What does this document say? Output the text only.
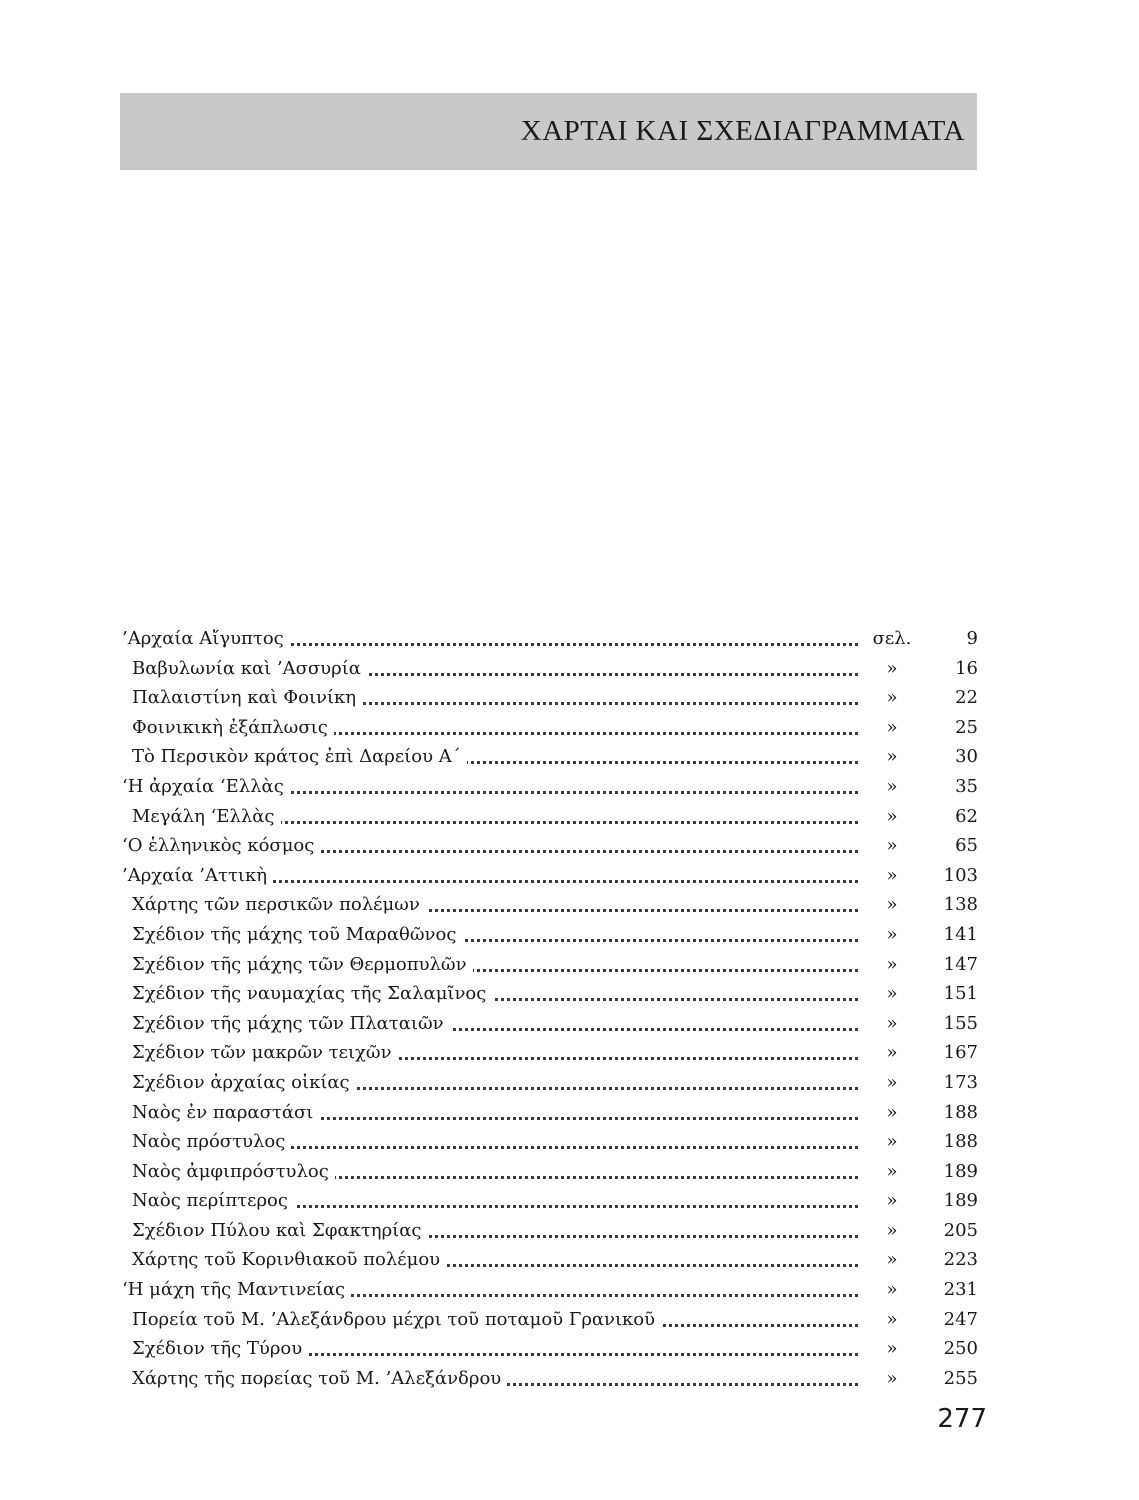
ΧΑΡΤΑΙ ΚΑΙ ΣΧΕΔΙΑΓΡΑΜΜΑΤΑ
’Αρχαία Αἴγυπτος	σελ.	9
Βαβυλωνία καὶ ’Ασσυρία	»	16
Παλαιστίνη καὶ Φοινίκη	»	22
Φοινικικὴ ἐξάπλωσις	»	25
Τὸ Περσικὸν κράτος ἐπὶ Δαρείου Α΄	»	30
‘Η ἀρχαία ‘Ελλὰς	»	35
Μεγάλη ‘Ελλὰς	»	62
‘Ο ἑλληνικὸς κόσμος	»	65
’Αρχαία ’Αττικὴ	»	103
Χάρτης τῶν περσικῶν πολέμων	»	138
Σχέδιον τῆς μάχης τοῦ Μαραθῶνος	»	141
Σχέδιον τῆς μάχης τῶν Θερμοπυλῶν	»	147
Σχέδιον τῆς ναυμαχίας τῆς Σαλαμῖνος	»	151
Σχέδιον τῆς μάχης τῶν Πλαταιῶν	»	155
Σχέδιον τῶν μακρῶν τειχῶν	»	167
Σχέδιον ἀρχαίας οἰκίας	»	173
Ναὸς ἐν παραστάσι	»	188
Ναὸς πρόστυλος	»	188
Ναὸς ἀμφιπρόστυλος	»	189
Ναὸς περίπτερος	»	189
Σχέδιον Πύλου καὶ Σφακτηρίας	»	205
Χάρτης τοῦ Κορινθιακοῦ πολέμου	»	223
‘Η μάχη τῆς Μαντινείας	»	231
Πορεία τοῦ Μ. ’Αλεξάνδρου μέχρι τοῦ ποταμοῦ Γρανικοῦ	»	247
Σχέδιον τῆς Τύρου	»	250
Χάρτης τῆς πορείας τοῦ Μ. ’Αλεξάνδρου	»	255
277
